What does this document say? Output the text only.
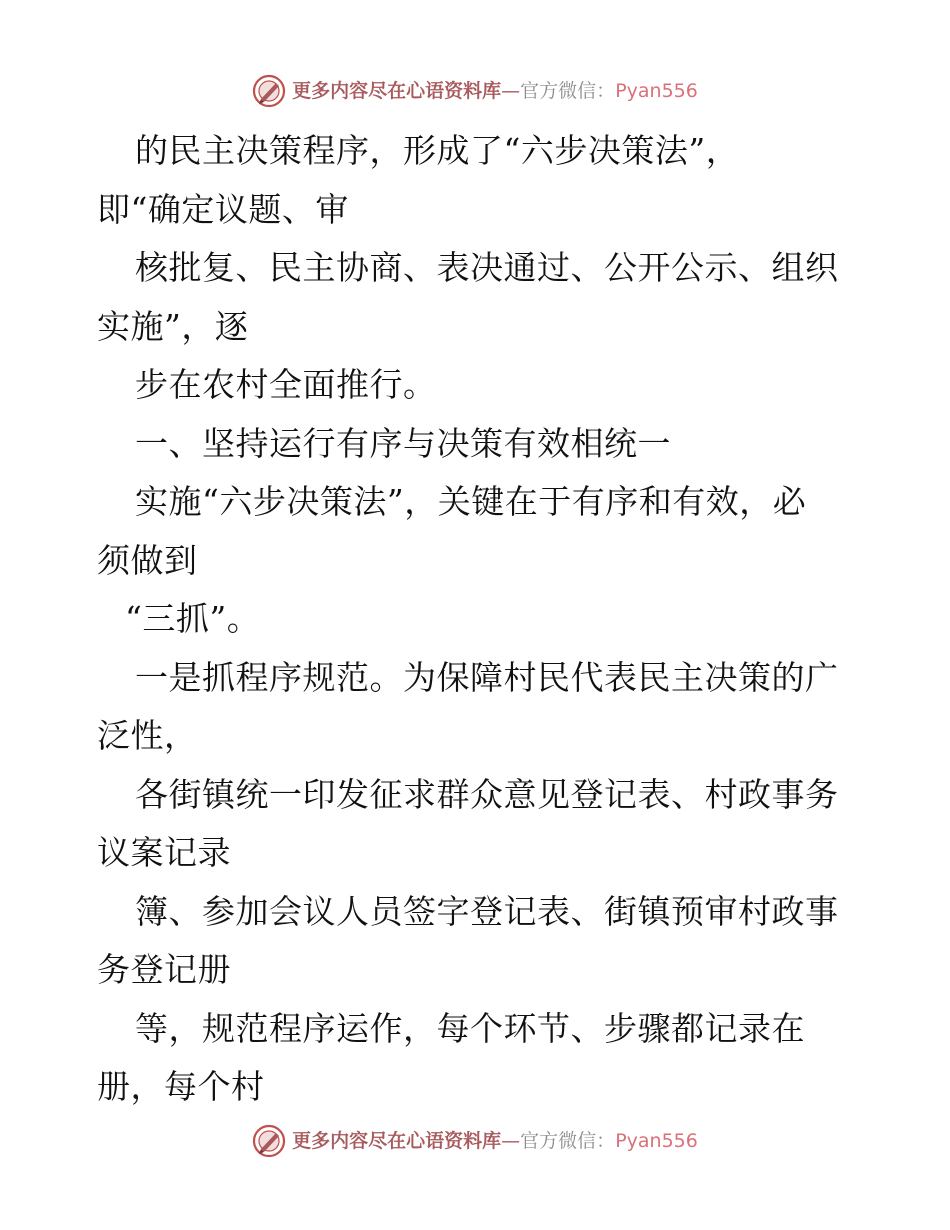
更多内容尽在心语资料库—官方微信：Pyan556
的民主决策程序，形成了“六步决策法”，
即“确定议题、审
核批复、民主协商、表决通过、公开公示、组织
实施”，逐
步在农村全面推行。
一、坚持运行有序与决策有效相统一
实施“六步决策法”，关键在于有序和有效，必
须做到
“三抓”。
一是抓程序规范。为保障村民代表民主决策的广
泛性，
各街镇统一印发征求群众意见登记表、村政事务
议案记录
簿、参加会议人员签字登记表、街镇预审村政事
务登记册
等，规范程序运作，每个环节、步骤都记录在
册，每个村
更多内容尽在心语资料库—官方微信：Pyan556
